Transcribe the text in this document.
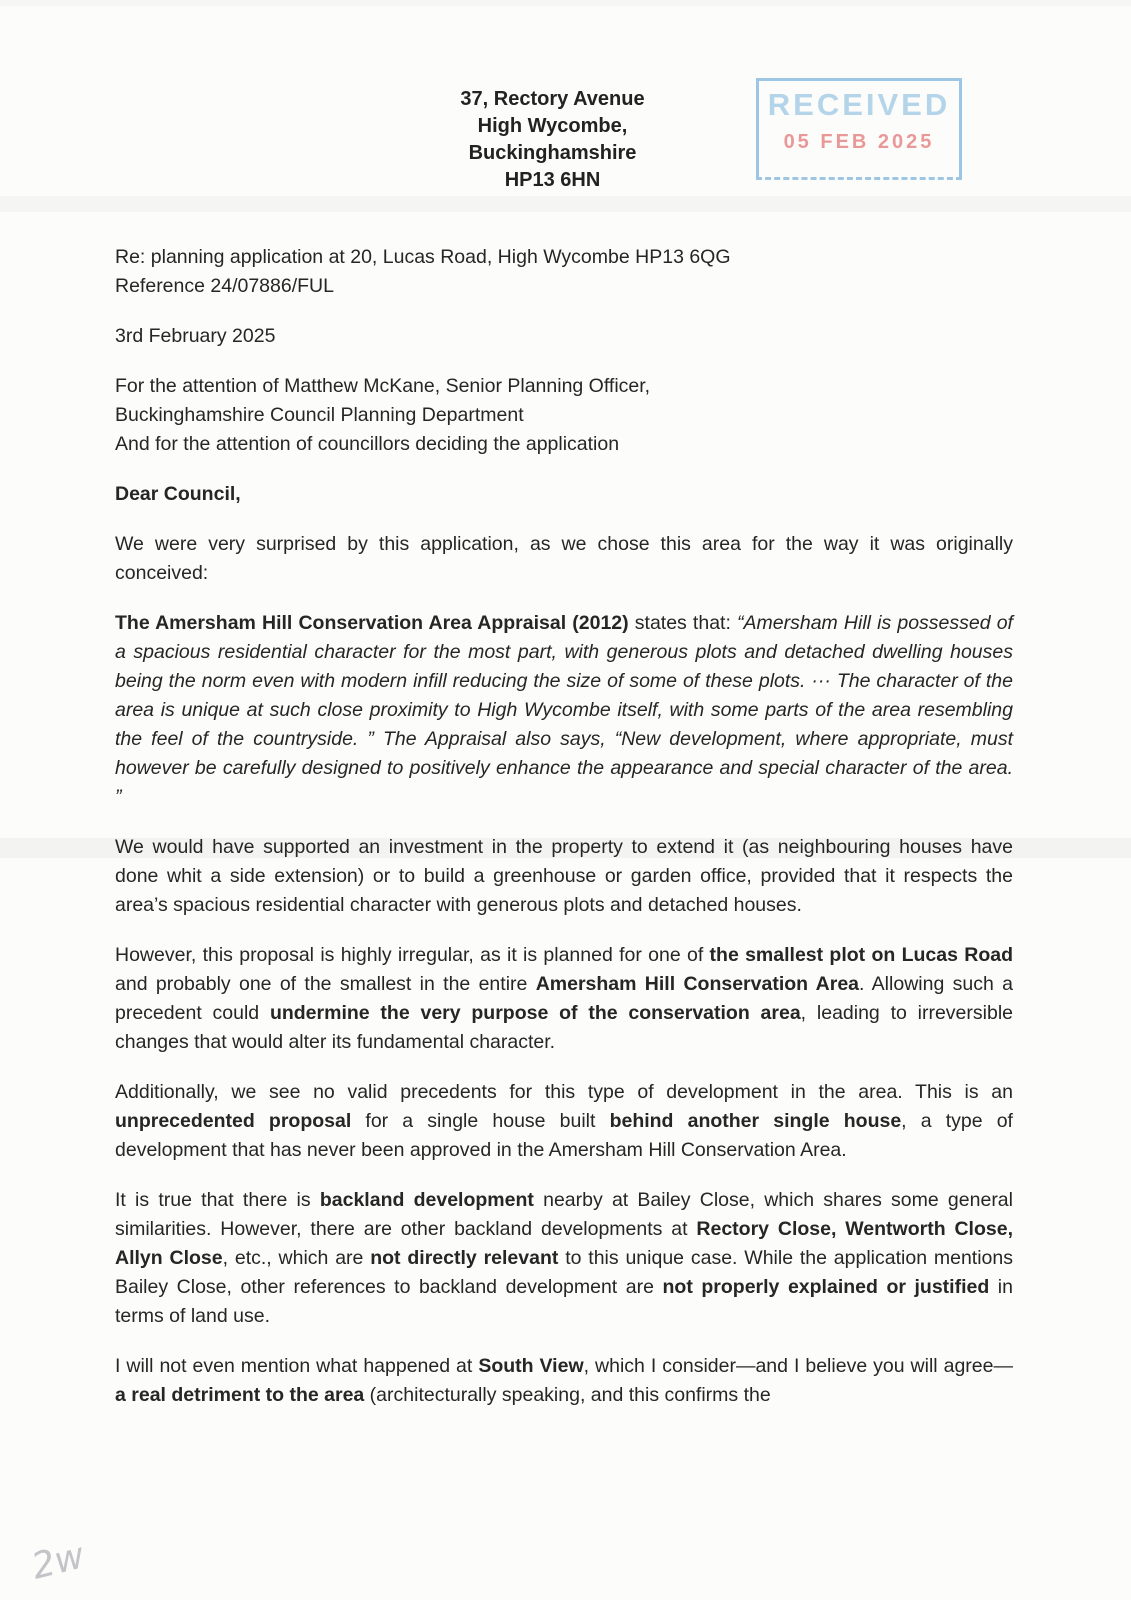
37, Rectory Avenue
High Wycombe,
Buckinghamshire
HP13 6HN
RECEIVED
05 FEB 2025
Re: planning application at 20, Lucas Road, High Wycombe HP13 6QG
Reference 24/07886/FUL
3rd February 2025
For the attention of Matthew McKane, Senior Planning Officer,
Buckinghamshire Council Planning Department
And for the attention of councillors deciding the application
Dear Council,

We were very surprised by this application, as we chose this area for the way it was originally conceived:

The Amersham Hill Conservation Area Appraisal (2012) states that: “Amersham Hill is possessed of a spacious residential character for the most part, with generous plots and detached dwelling houses being the norm even with modern infill reducing the size of some of these plots. ··· The character of the area is unique at such close proximity to High Wycombe itself, with some parts of the area resembling the feel of the countryside. ” The Appraisal also says, “New development, where appropriate, must however be carefully designed to positively enhance the appearance and special character of the area. ”

We would have supported an investment in the property to extend it (as neighbouring houses have done whit a side extension) or to build a greenhouse or garden office, provided that it respects the area’s spacious residential character with generous plots and detached houses.

However, this proposal is highly irregular, as it is planned for one of the smallest plot on Lucas Road and probably one of the smallest in the entire Amersham Hill Conservation Area. Allowing such a precedent could undermine the very purpose of the conservation area, leading to irreversible changes that would alter its fundamental character.

Additionally, we see no valid precedents for this type of development in the area. This is an unprecedented proposal for a single house built behind another single house, a type of development that has never been approved in the Amersham Hill Conservation Area.

It is true that there is backland development nearby at Bailey Close, which shares some general similarities. However, there are other backland developments at Rectory Close, Wentworth Close, Allyn Close, etc., which are not directly relevant to this unique case. While the application mentions Bailey Close, other references to backland development are not properly explained or justified in terms of land use.

I will not even mention what happened at South View, which I consider—and I believe you will agree—a real detriment to the area (architecturally speaking, and this confirms the

2w
